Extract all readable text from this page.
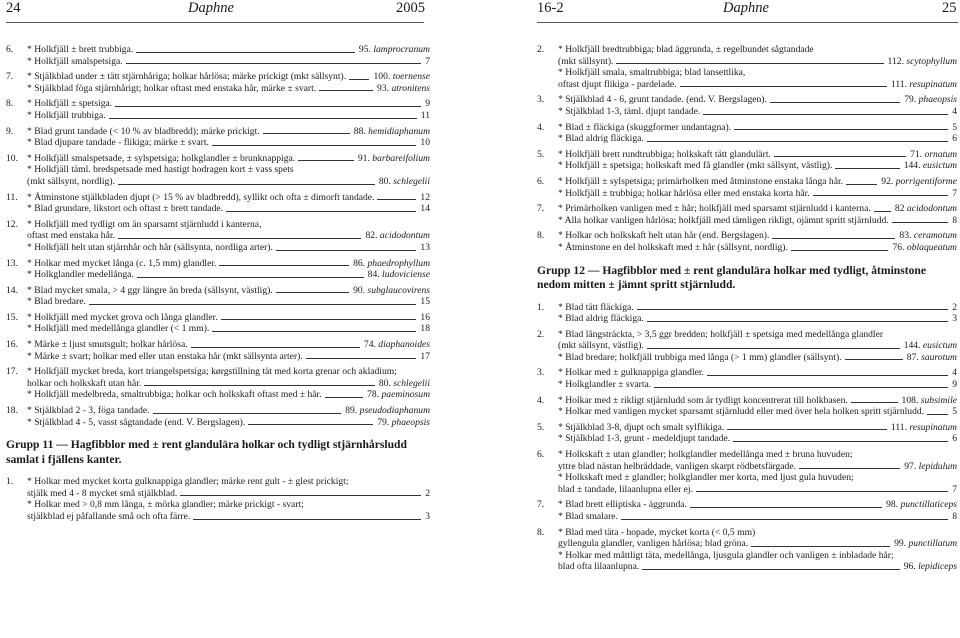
24	Daphne	2005	16-2	Daphne	25
6.	* Holkfjäll ± brett trubbiga.	95. lamprocranum
* Holkfjäll smalspetsiga.	7
7.	* Stjälkblad under ± tätt stjärnhåriga; holkar hårlösa; märke prickigt (mkt sällsynt).	100. toernense
* Stjälkblad föga stjärnhårigt; holkar oftast med enstaka hår, märke ± svart.	93. atronitens
8.	* Holkfjäll ± spetsiga.	9
* Holkfjäll trubbiga.	11
9.	* Blad grunt tandade (< 10 % av bladbredd); märke prickigt.	88. hemidiaphanum
* Blad djupare tandade - flikiga; märke ± svart.	10
10. * Holkfjäll smalspetsade, ± sylspetsiga; holkglandler ± brunknappiga.	91. barbareifolium
* Holkfjäll täml. bredspetsade med hastigt hodragen kort ± vass spets
(mkt sällsynt, nordlig).	80. schlegelii
11. * Åtminstone stjälkbladen djupt (> 15 % av bladbredd), syllikt och ofta ± dimorft tandade.	12
* Blad grundare, likstort och oftast ± brett tandade.	14
12. * Holkfjäll med tydligt om än sparsamt stjärnludd i kanterna,
oftast med enstaka hår.	82. acidodontum
* Holkfjäll helt utan stjärnhår och hår (sällsynta, nordliga arter).	13
13. * Holkar med mycket långa (c. 1,5 mm) glandler.	86. phaedrophyllum
* Holkglandler medellånga.	84. ludoviciense
14. * Blad mycket smala, > 4 ggr längre än breda (sällsynt, västlig).	90. subglaucovirens
* Blad bredare.	15
15. * Holkfjäll med mycket grova och långa glandler.	16
* Holkfjäll med medellånga glandler (< 1 mm).	18
16. * Märke ± ljust smutsgult; holkar hårlösa.	74. diaphanoides
* Märke ± svart; holkar med eller utan enstaka hår (mkt sällsynta arter).	17
17. * Holkfjäll mycket breda, kort triangelspetsiga; kørgstillning tät med korta grenar och akladium;
holkar och holkskaft utan hår.	80. schlegelii
* Holkfjäll medelbreda, smaltrubbiga; holkar och holkskaft oftast med ± hår.	78. paeminosum
18. * Stjälkblad 2 - 3, föga tandade.	89. pseudodiaphanum
* Stjälkblad 4 - 5, vasst sågtandade (end. V. Bergslagen).	79. phaeopsis
Grupp 11 — Hagfibblor med ± rent glandulära holkar och tydligt stjärnhårsludd samlat i fjällens kanter.
1.	* Holkar med mycket korta gulknappiga glandler; märke rent gult - ± glest prickigt;
stjälk med 4 - 8 mycket små stjälkblad.	2
* Holkar med > 0,8 mm långa, ± mörka glandler; märke prickigt - svart;
stjälkblad ej påfallande små och ofta färre.	3
2.	* Holkfjäll bredtrubbiga; blad äggrunda, ± regelbundet sågtandade
(mkt sällsynt).	112. scytophyllum
* Holkfjäll smala, smaltrubbiga; blad lansettlika,
oftast djupt flikiga - pardelade.	111. resupinatum
3.	* Stjälkblad 4 - 6, grunt tandade. (end. V. Bergslagen).	79. phaeopsis
* Stjälkblad 1-3, täml. djupt tandade.	4
4.	* Blad ± fläckiga (skuggformer undantagna).	5
* Blad aldrig fläckiga.	6
5.	* Holkfjäll brett rundtrubbiga; holkskaft tätt glandulärt.	71. ornatum
* Holkfjäll ± spetsiga; holkskaft med få glandler (mkt sällsynt, västlig).	144. eusictum
6.	* Holkfjäll ± sylspetsiga; primärholken med åtminstone enstaka långa hår.	92. porrigentiforme
* Holkfjäll ± trubbiga; holkar hårlösa eller med enstaka korta hår.	7
7.	* Primärholken vanligen med ± hår; holkfjäll med sparsamt stjärnludd i kanterna.	82 acidodontum
* Alla holkar vanligen hårlösa; holkfjäll med tämligen rikligt, ojämnt spritt stjärnludd.	8
8.	* Holkar och holkskaft helt utan hår (end. Bergslagen).	83. ceramotum
* Åtminstone en del holkskaft med ± hår (sällsynt, nordlig).	76. oblaqueatum
Grupp 12 — Hagfibblor med ± rent glandulära holkar med tydligt, åtminstone nedom mitten ± jämnt spritt stjärnludd.
1.	* Blad tätt fläckiga.	2
* Blad aldrig fläckiga.	3
2.	* Blad långsträckta, > 3,5 ggr bredden; holkfjäll ± spetsiga med medellånga glandler
(mkt sällsynt, västlig).	144. eusictum
* Blad bredare; holkfjäll trubbiga med långa (> 1 mm) glandler (sällsynt).	87. saurotum
3.	* Holkar med ± gulknappiga glandler.	4
* Holkglandler ± svarta.	9
4.	* Holkar med ± rikligt stjärnludd som är tydligt koncentrerat till holkbasen.	108. subsimile
* Holkar med vanligen mycket sparsamt stjärnludd eller med över hela holken spritt stjärnludd.	5
5.	* Stjälkblad 3-8, djupt och smalt sylflikiga.	111. resupinatum
* Stjälkblad 1-3, grunt - medeldjupt tandade.	6
6.	* Holkskaft ± utan glandler; holkglandler medellånga med ± brunа huvuden;
yttre blad nästan helbräddade, vanligen skarpt rödbetsfärgade.	97. lepidulum
* Holkskaft med ± glandler; holkglandler mer korta, med ljust gula huvuden;
blad ± tandade, lilaanlupna eller ej.	7
7.	* Blad brett elliptiska - äggrunda.	98. punctillaticeps
* Blad smalare.	8
8.	* Blad med täta - hopade, mycket korta (< 0,5 mm)
gyllengula glandler, vanligen hårlösa; blad gröna.	99. punctillatum
* Holkar med måttligt täta, medellånga, ljusgula glandler och vanligen ± inbladade hår;
blad ofta lilaanlupna.	96. lepidiceps
